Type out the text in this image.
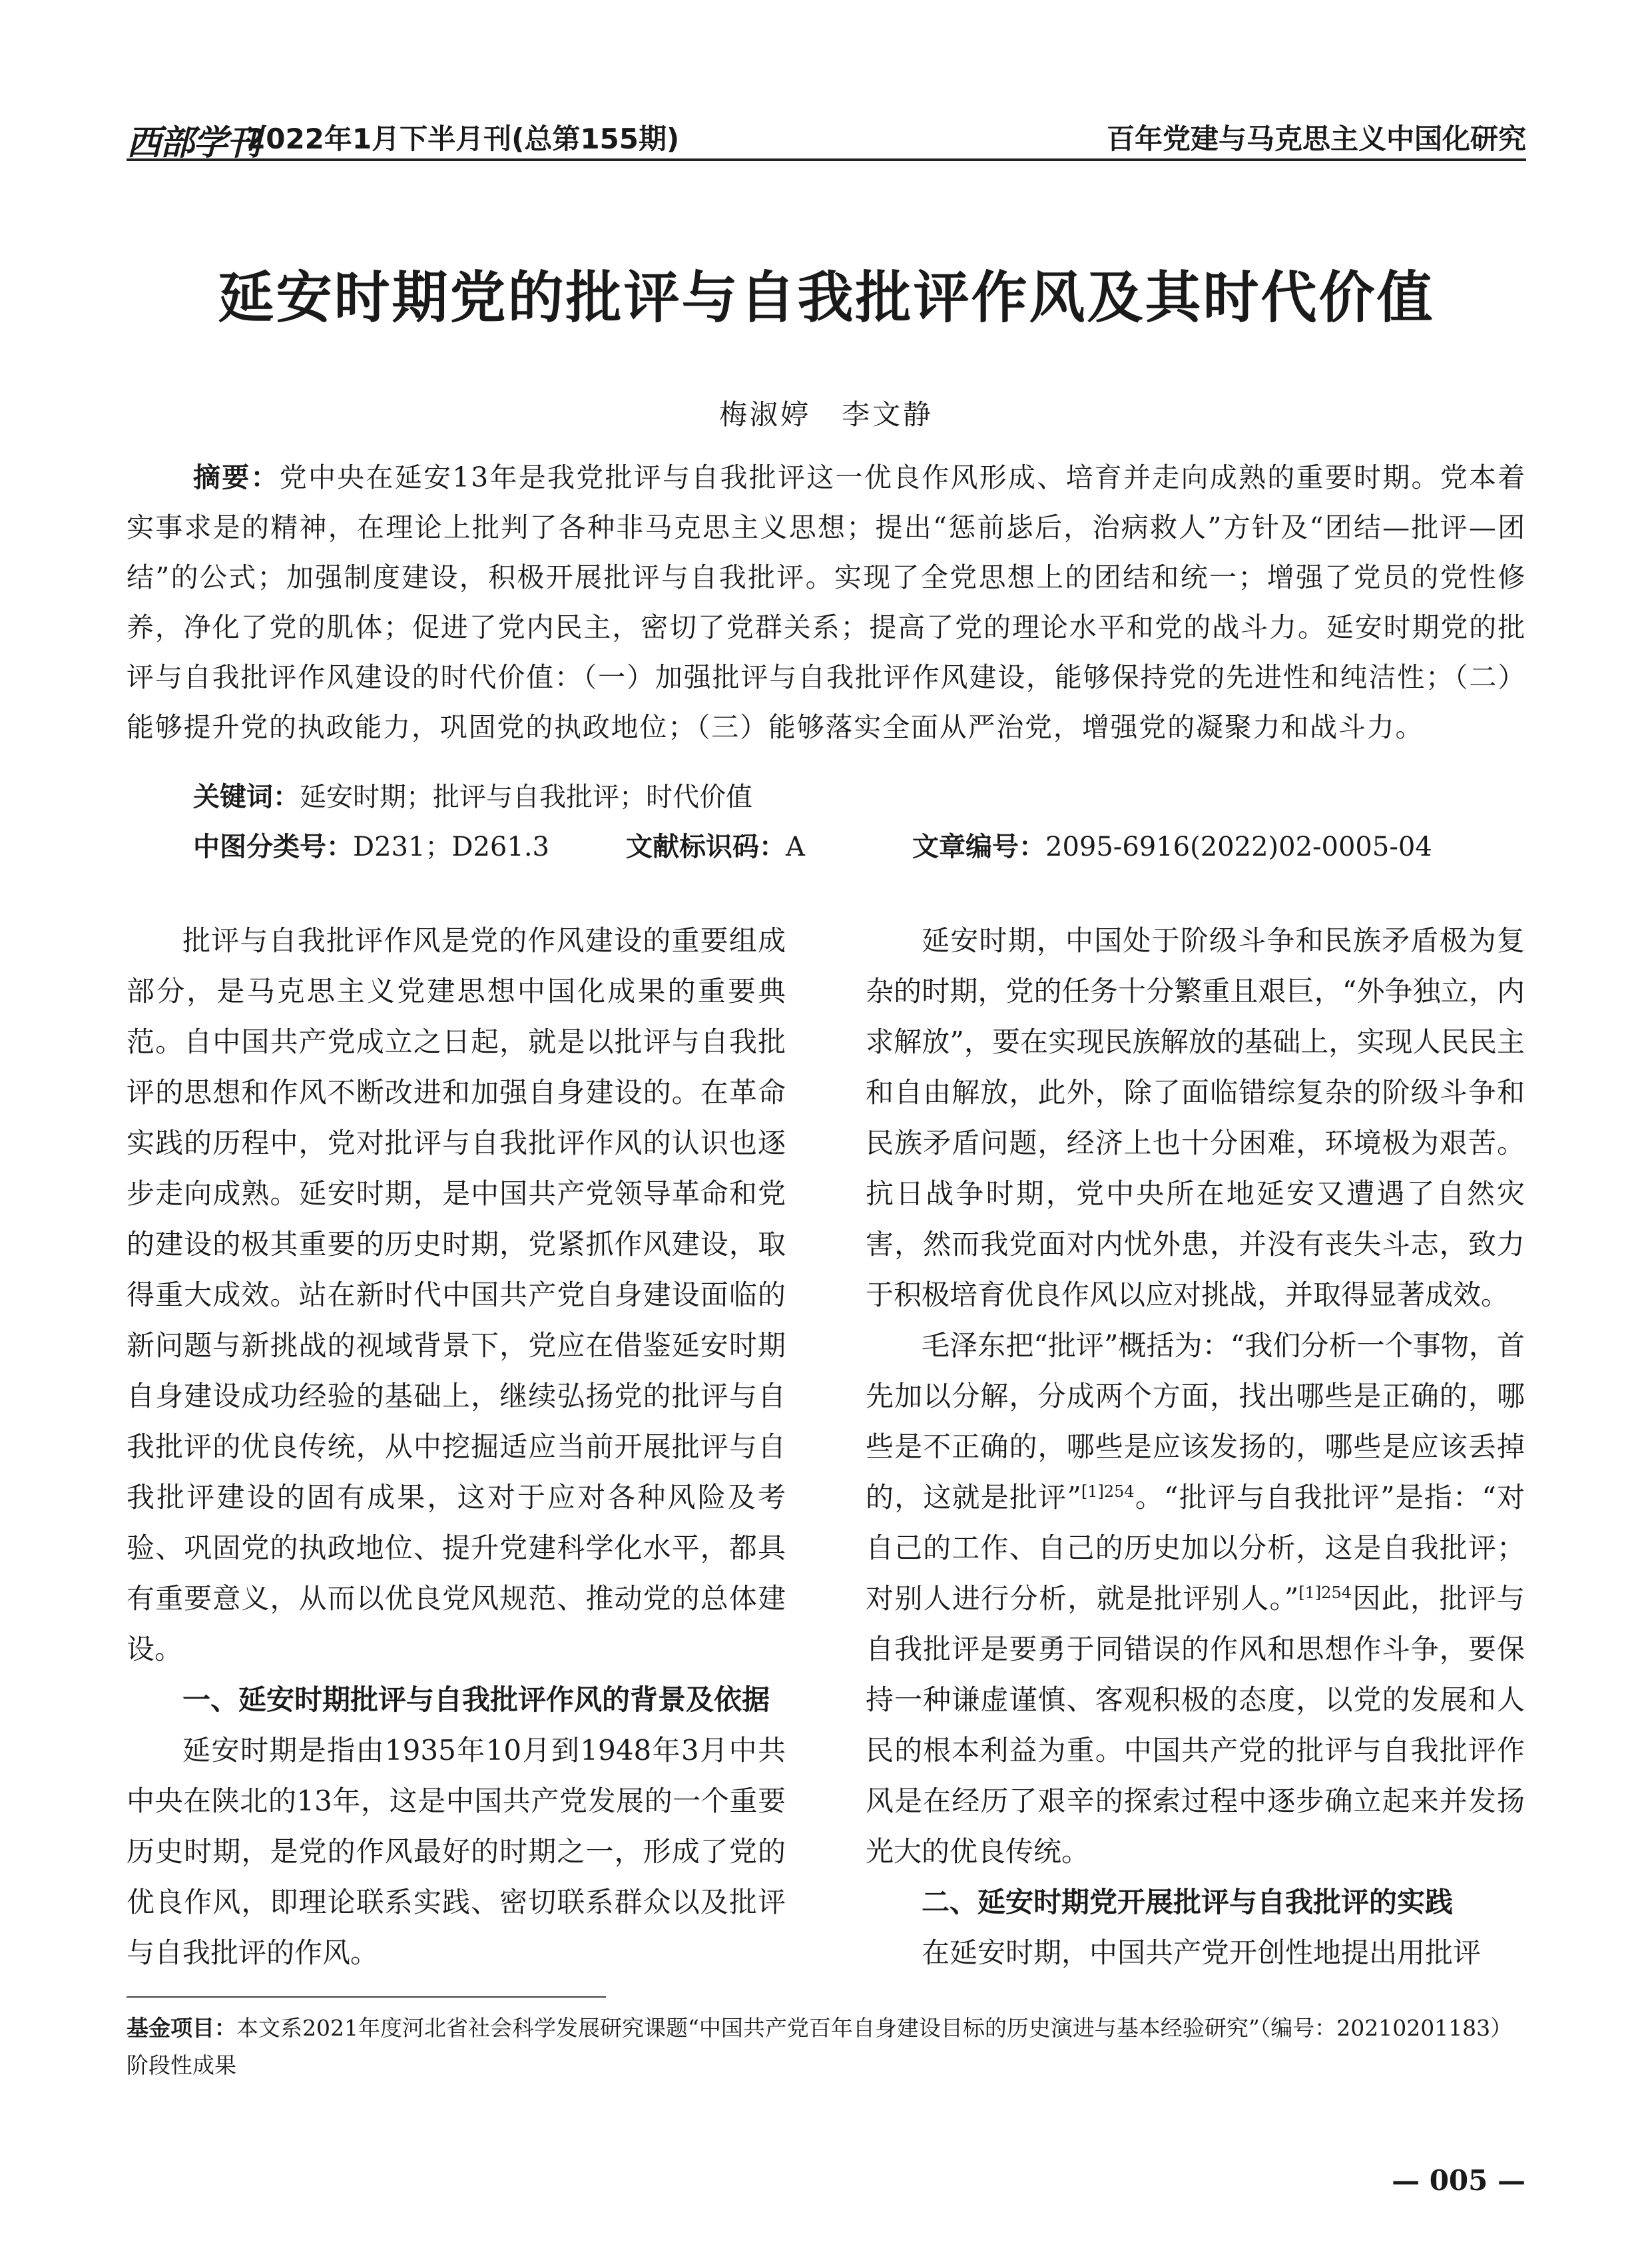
西部学刊
2022年1月下半月刊(总第155期)	百年党建与马克思主义中国化研究
延安时期党的批评与自我批评作风及其时代价值
梅淑婷　李文静
摘要：党中央在延安13年是我党批评与自我批评这一优良作风形成、培育并走向成熟的重要时期。党本着实事求是的精神，在理论上批判了各种非马克思主义思想；提出“惩前毖后，治病救人”方针及“团结—批评—团结”的公式；加强制度建设，积极开展批评与自我批评。实现了全党思想上的团结和统一；增强了党员的党性修养，净化了党的肌体；促进了党内民主，密切了党群关系；提高了党的理论水平和党的战斗力。延安时期党的批评与自我批评作风建设的时代价值：（一）加强批评与自我批评作风建设，能够保持党的先进性和纯洁性；（二）能够提升党的执政能力，巩固党的执政地位；（三）能够落实全面从严治党，增强党的凝聚力和战斗力。
关键词：延安时期；批评与自我批评；时代价值
中图分类号：D231；D261.3	文献标识码：A	文章编号：2095-6916(2022)02-0005-04

批评与自我批评作风是党的作风建设的重要组成部分，是马克思主义党建思想中国化成果的重要典范。自中国共产党成立之日起，就是以批评与自我批评的思想和作风不断改进和加强自身建设的。在革命实践的历程中，党对批评与自我批评作风的认识也逐步走向成熟。延安时期，是中国共产党领导革命和党的建设的极其重要的历史时期，党紧抓作风建设，取得重大成效。站在新时代中国共产党自身建设面临的新问题与新挑战的视域背景下，党应在借鉴延安时期自身建设成功经验的基础上，继续弘扬党的批评与自我批评的优良传统，从中挖掘适应当前开展批评与自我批评建设的固有成果，这对于应对各种风险及考验、巩固党的执政地位、提升党建科学化水平，都具有重要意义，从而以优良党风规范、推动党的总体建设。

一、延安时期批评与自我批评作风的背景及依据

延安时期是指由1935年10月到1948年3月中共中央在陕北的13年，这是中国共产党发展的一个重要历史时期，是党的作风最好的时期之一，形成了党的优良作风，即理论联系实践、密切联系群众以及批评与自我批评的作风。

延安时期，中国处于阶级斗争和民族矛盾极为复杂的时期，党的任务十分繁重且艰巨，“外争独立，内求解放”，要在实现民族解放的基础上，实现人民民主和自由解放，此外，除了面临错综复杂的阶级斗争和民族矛盾问题，经济上也十分困难，环境极为艰苦。抗日战争时期，党中央所在地延安又遭遇了自然灾害，然而我党面对内忧外患，并没有丧失斗志，致力于积极培育优良作风以应对挑战，并取得显著成效。

毛泽东把“批评”概括为：“我们分析一个事物，首先加以分解，分成两个方面，找出哪些是正确的，哪些是不正确的，哪些是应该发扬的，哪些是应该丢掉的，这就是批评”$^{[1]254}$。“批评与自我批评”是指：“对自己的工作、自己的历史加以分析，这是自我批评；对别人进行分析，就是批评别人。”$^{[1]254}$因此，批评与自我批评是要勇于同错误的作风和思想作斗争，要保持一种谦虚谨慎、客观积极的态度，以党的发展和人民的根本利益为重。中国共产党的批评与自我批评作风是在经历了艰辛的探索过程中逐步确立起来并发扬光大的优良传统。

二、延安时期党开展批评与自我批评的实践

在延安时期，中国共产党开创性地提出用批评

基金项目：本文系2021年度河北省社会科学发展研究课题“中国共产党百年自身建设目标的历史演进与基本经验研究”（编号：20210201183）阶段性成果
— 005 —
